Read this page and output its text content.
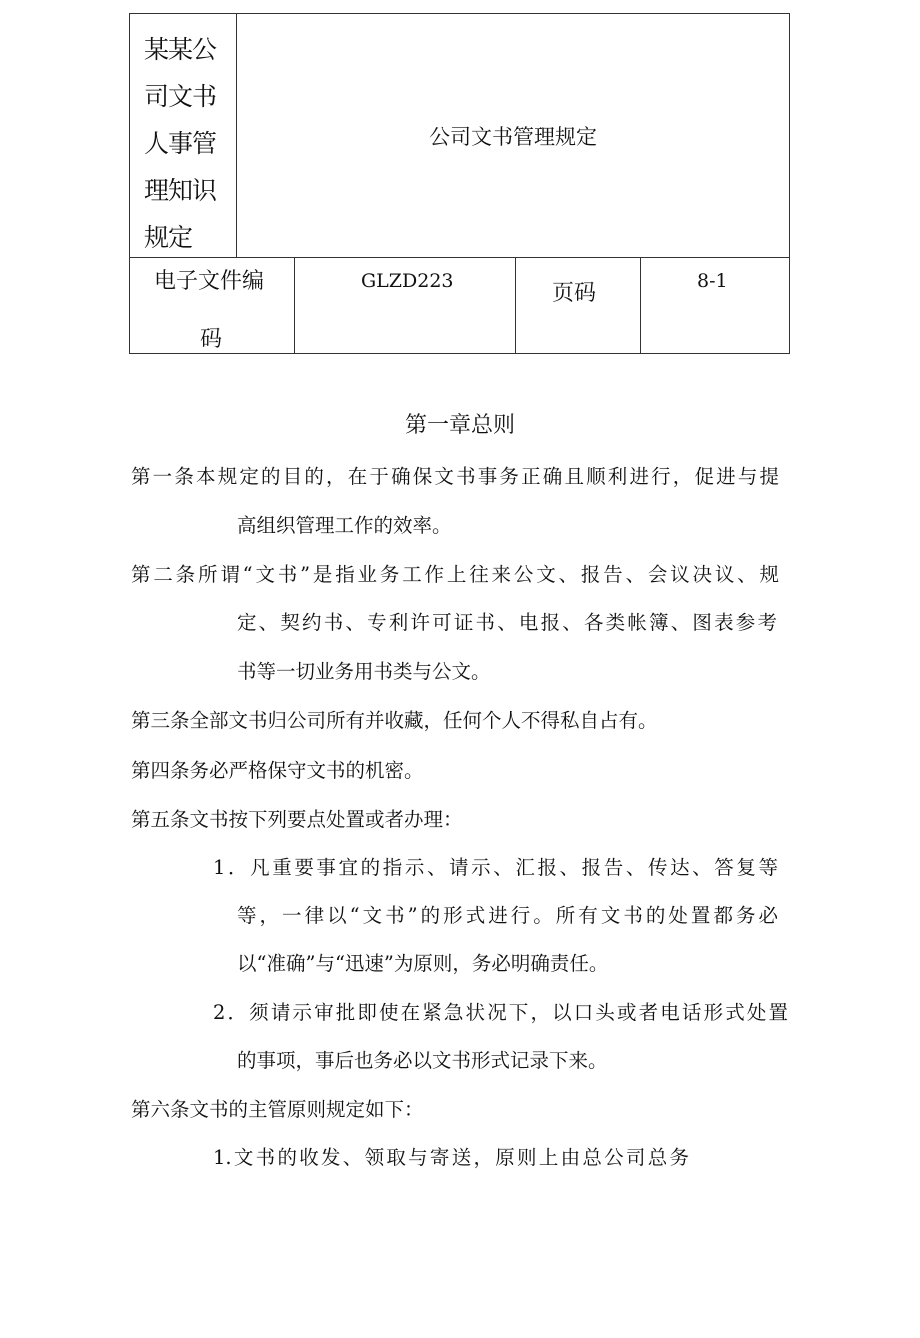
某某公
司文书
人事管
理知识
规定
公司文书管理规定
电子文件编
码
GLZD223	页码	8-1
第一章总则
第一条本规定的目的，在于确保文书事务正确且顺利进行，促进与提
高组织管理工作的效率。
第二条所谓“文书”是指业务工作上往来公文、报告、会议决议、规
定、契约书、专利许可证书、电报、各类帐簿、图表参考
书等一切业务用书类与公文。
第三条全部文书归公司所有并收藏，任何个人不得私自占有。
第四条务必严格保守文书的机密。
第五条文书按下列要点处置或者办理：
1．凡重要事宜的指示、请示、汇报、报告、传达、答复等
等，一律以“文书”的形式进行。所有文书的处置都务必
以“准确”与“迅速”为原则，务必明确责任。
2．须请示审批即使在紧急状况下，以口头或者电话形式处置
的事项，事后也务必以文书形式记录下来。
第六条文书的主管原则规定如下：
1.文书的收发、领取与寄送，原则上由总公司总务
